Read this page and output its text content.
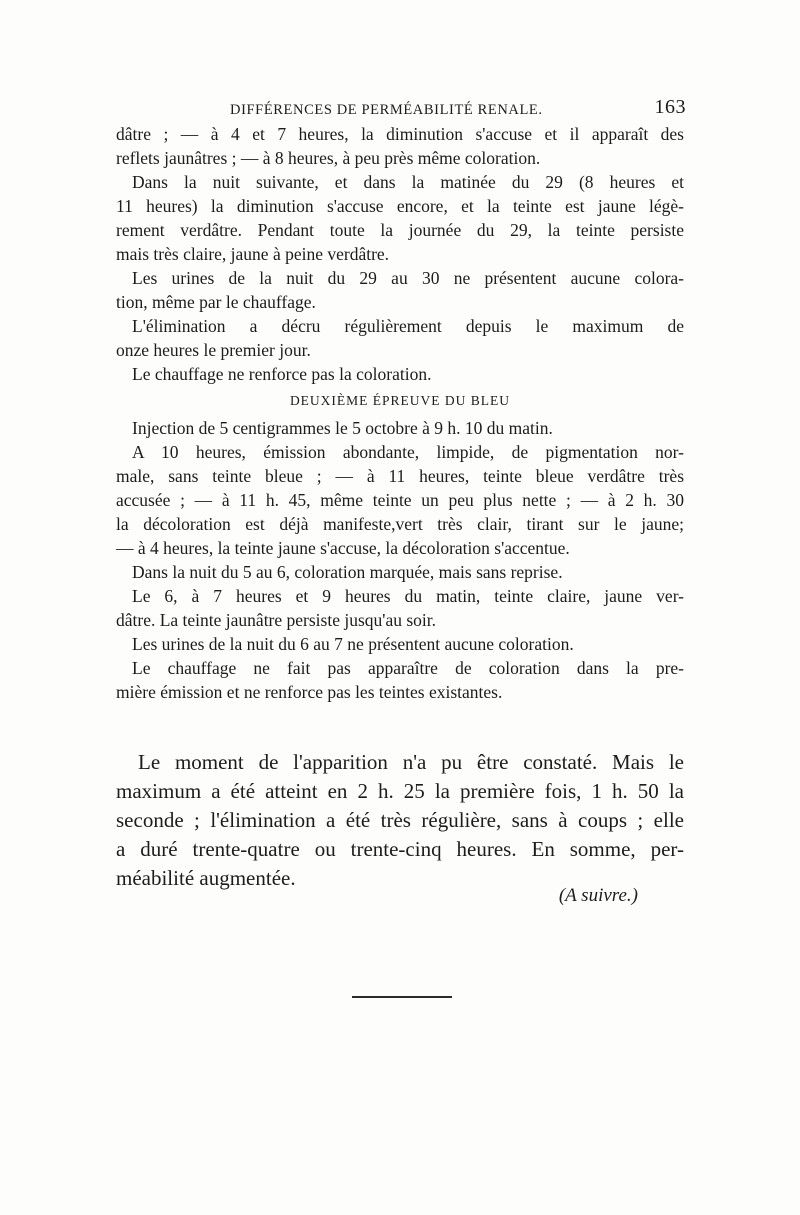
DIFFÉRENCES DE PERMÉABILITÉ RENALE.	163
dâtre ; — à 4 et 7 heures, la diminution s'accuse et il apparaît des
reflets jaunâtres ; — à 8 heures, à peu près même coloration.
Dans la nuit suivante, et dans la matinée du 29 (8 heures et
11 heures) la diminution s'accuse encore, et la teinte est jaune légè-
rement verdâtre. Pendant toute la journée du 29, la teinte persiste
mais très claire, jaune à peine verdâtre.
Les urines de la nuit du 29 au 30 ne présentent aucune colora-
tion, même par le chauffage.
L'élimination a décru régulièrement depuis le maximum de
onze heures le premier jour.
Le chauffage ne renforce pas la coloration.
DEUXIÈME ÉPREUVE DU BLEU
Injection de 5 centigrammes le 5 octobre à 9 h. 10 du matin.
A 10 heures, émission abondante, limpide, de pigmentation nor-
male, sans teinte bleue ; — à 11 heures, teinte bleue verdâtre très
accusée ; — à 11 h. 45, même teinte un peu plus nette ; — à 2 h. 30
la décoloration est déjà manifeste,vert très clair, tirant sur le jaune;
— à 4 heures, la teinte jaune s'accuse, la décoloration s'accentue.
Dans la nuit du 5 au 6, coloration marquée, mais sans reprise.
Le 6, à 7 heures et 9 heures du matin, teinte claire, jaune ver-
dâtre. La teinte jaunâtre persiste jusqu'au soir.
Les urines de la nuit du 6 au 7 ne présentent aucune coloration.
Le chauffage ne fait pas apparaître de coloration dans la pre-
mière émission et ne renforce pas les teintes existantes.
Le moment de l'apparition n'a pu être constaté. Mais le
maximum a été atteint en 2 h. 25 la première fois, 1 h. 50 la
seconde ; l'élimination a été très régulière, sans à coups ; elle
a duré trente-quatre ou trente-cinq heures. En somme, per-
méabilité augmentée.
(A suivre.)
